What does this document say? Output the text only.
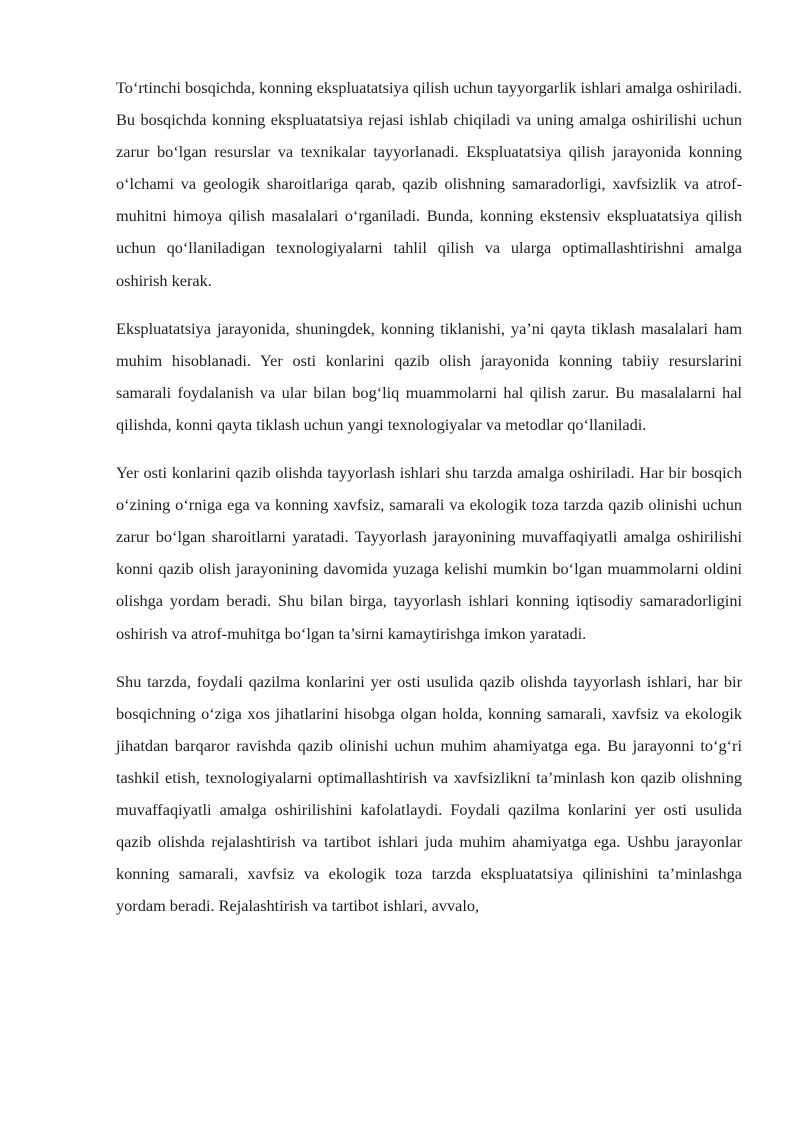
To‘rtinchi bosqichda, konning ekspluatatsiya qilish uchun tayyorgarlik ishlari amalga oshiriladi. Bu bosqichda konning ekspluatatsiya rejasi ishlab chiqiladi va uning amalga oshirilishi uchun zarur bo‘lgan resurslar va texnikalar tayyorlanadi. Ekspluatatsiya qilish jarayonida konning o‘lchami va geologik sharoitlariga qarab, qazib olishning samaradorligi, xavfsizlik va atrof-muhitni himoya qilish masalalari o‘rganiladi. Bunda, konning ekstensiv ekspluatatsiya qilish uchun qo‘llaniladigan texnologiyalarni tahlil qilish va ularga optimallashtirishni amalga oshirish kerak.

Ekspluatatsiya jarayonida, shuningdek, konning tiklanishi, ya’ni qayta tiklash masalalari ham muhim hisoblanadi. Yer osti konlarini qazib olish jarayonida konning tabiiy resurslarini samarali foydalanish va ular bilan bog‘liq muammolarni hal qilish zarur. Bu masalalarni hal qilishda, konni qayta tiklash uchun yangi texnologiyalar va metodlar qo‘llaniladi.

Yer osti konlarini qazib olishda tayyorlash ishlari shu tarzda amalga oshiriladi. Har bir bosqich o‘zining o‘rniga ega va konning xavfsiz, samarali va ekologik toza tarzda qazib olinishi uchun zarur bo‘lgan sharoitlarni yaratadi. Tayyorlash jarayonining muvaffaqiyatli amalga oshirilishi konni qazib olish jarayonining davomida yuzaga kelishi mumkin bo‘lgan muammolarni oldini olishga yordam beradi. Shu bilan birga, tayyorlash ishlari konning iqtisodiy samaradorligini oshirish va atrof-muhitga bo‘lgan ta’sirni kamaytirishga imkon yaratadi.

Shu tarzda, foydali qazilma konlarini yer osti usulida qazib olishda tayyorlash ishlari, har bir bosqichning o‘ziga xos jihatlarini hisobga olgan holda, konning samarali, xavfsiz va ekologik jihatdan barqaror ravishda qazib olinishi uchun muhim ahamiyatga ega. Bu jarayonni to‘g‘ri tashkil etish, texnologiyalarni optimallashtirish va xavfsizlikni ta’minlash kon qazib olishning muvaffaqiyatli amalga oshirilishini kafolatlaydi. Foydali qazilma konlarini yer osti usulida qazib olishda rejalashtirish va tartibot ishlari juda muhim ahamiyatga ega. Ushbu jarayonlar konning samarali, xavfsiz va ekologik toza tarzda ekspluatatsiya qilinishini ta’minlashga yordam beradi. Rejalashtirish va tartibot ishlari, avvalo,
